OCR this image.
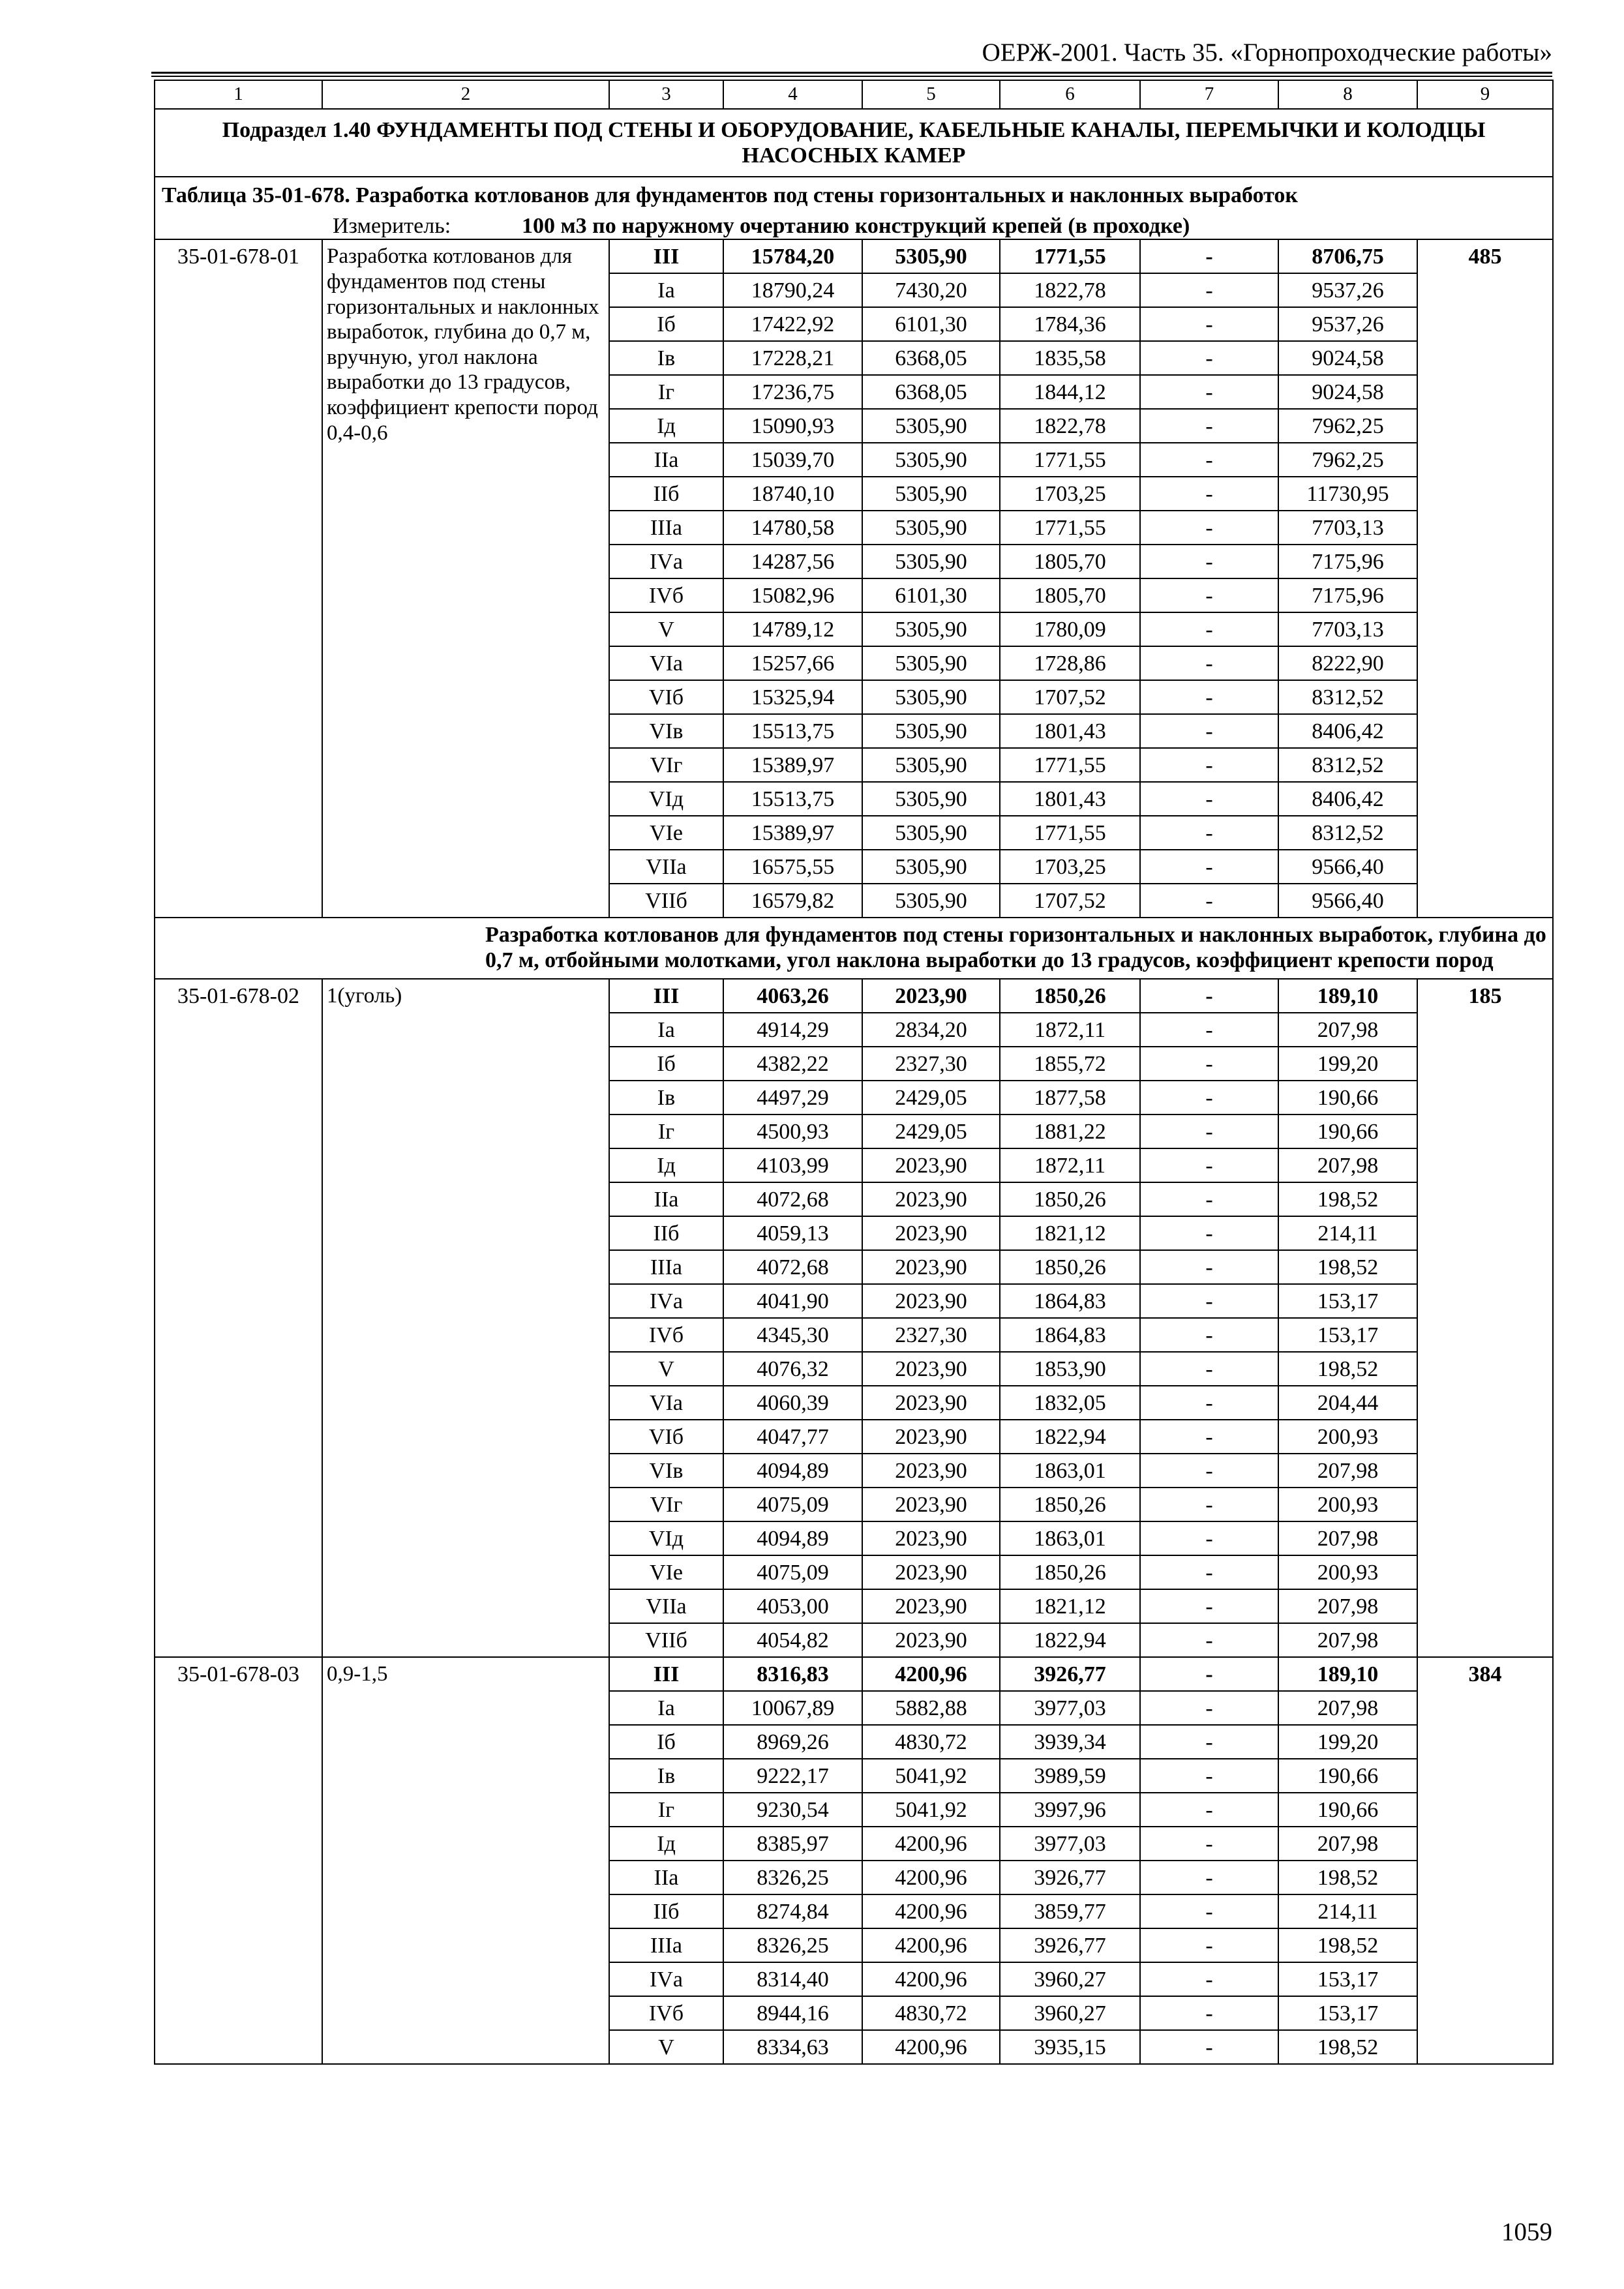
ОЕРЖ-2001. Часть 35. «Горнопроходческие работы»
1	2	3	4	5	6	7	8	9
Подраздел 1.40 ФУНДАМЕНТЫ ПОД СТЕНЫ И ОБОРУДОВАНИЕ, КАБЕЛЬНЫЕ КАНАЛЫ, ПЕРЕМЫЧКИ И КОЛОДЦЫ НАСОСНЫХ КАМЕР								
Таблица 35-01-678. Разработка котлованов для фундаментов под стены горизонтальных и наклонных выработок								
Измеритель: 100 м3 по наружному очертанию конструкций крепей (в проходке)								
35-01-678-01	Разработка котлованов для фундаментов под стены горизонтальных и наклонных выработок, глубина до 0,7 м, вручную, угол наклона выработки до 13 градусов, коэффициент крепости пород 0,4-0,6	III	15784,20	5305,90	1771,55	-	8706,75	485
		Iа	18790,24	7430,20	1822,78	-	9537,26	
		Iб	17422,92	6101,30	1784,36	-	9537,26	
		Iв	17228,21	6368,05	1835,58	-	9024,58	
		Iг	17236,75	6368,05	1844,12	-	9024,58	
		Iд	15090,93	5305,90	1822,78	-	7962,25	
		IIа	15039,70	5305,90	1771,55	-	7962,25	
		IIб	18740,10	5305,90	1703,25	-	11730,95	
		IIIа	14780,58	5305,90	1771,55	-	7703,13	
		IVа	14287,56	5305,90	1805,70	-	7175,96	
		IVб	15082,96	6101,30	1805,70	-	7175,96	
		V	14789,12	5305,90	1780,09	-	7703,13	
		VIа	15257,66	5305,90	1728,86	-	8222,90	
		VIб	15325,94	5305,90	1707,52	-	8312,52	
		VIв	15513,75	5305,90	1801,43	-	8406,42	
		VIг	15389,97	5305,90	1771,55	-	8312,52	
		VIд	15513,75	5305,90	1801,43	-	8406,42	
		VIе	15389,97	5305,90	1771,55	-	8312,52	
		VIIа	16575,55	5305,90	1703,25	-	9566,40	
		VIIб	16579,82	5305,90	1707,52	-	9566,40	
Разработка котлованов для фундаментов под стены горизонтальных и наклонных выработок, глубина до 0,7 м, отбойными молотками, угол наклона выработки до 13 градусов, коэффициент крепости пород								
35-01-678-02	1(уголь)	III	4063,26	2023,90	1850,26	-	189,10	185
		Iа	4914,29	2834,20	1872,11	-	207,98	
		Iб	4382,22	2327,30	1855,72	-	199,20	
		Iв	4497,29	2429,05	1877,58	-	190,66	
		Iг	4500,93	2429,05	1881,22	-	190,66	
		Iд	4103,99	2023,90	1872,11	-	207,98	
		IIа	4072,68	2023,90	1850,26	-	198,52	
		IIб	4059,13	2023,90	1821,12	-	214,11	
		IIIа	4072,68	2023,90	1850,26	-	198,52	
		IVа	4041,90	2023,90	1864,83	-	153,17	
		IVб	4345,30	2327,30	1864,83	-	153,17	
		V	4076,32	2023,90	1853,90	-	198,52	
		VIа	4060,39	2023,90	1832,05	-	204,44	
		VIб	4047,77	2023,90	1822,94	-	200,93	
		VIв	4094,89	2023,90	1863,01	-	207,98	
		VIг	4075,09	2023,90	1850,26	-	200,93	
		VIд	4094,89	2023,90	1863,01	-	207,98	
		VIе	4075,09	2023,90	1850,26	-	200,93	
		VIIа	4053,00	2023,90	1821,12	-	207,98	
		VIIб	4054,82	2023,90	1822,94	-	207,98	
35-01-678-03	0,9-1,5	III	8316,83	4200,96	3926,77	-	189,10	384
		Iа	10067,89	5882,88	3977,03	-	207,98	
		Iб	8969,26	4830,72	3939,34	-	199,20	
		Iв	9222,17	5041,92	3989,59	-	190,66	
		Iг	9230,54	5041,92	3997,96	-	190,66	
		Iд	8385,97	4200,96	3977,03	-	207,98	
		IIа	8326,25	4200,96	3926,77	-	198,52	
		IIб	8274,84	4200,96	3859,77	-	214,11	
		IIIа	8326,25	4200,96	3926,77	-	198,52	
		IVа	8314,40	4200,96	3960,27	-	153,17	
		IVб	8944,16	4830,72	3960,27	-	153,17	
		V	8334,63	4200,96	3935,15	-	198,52	
1059
